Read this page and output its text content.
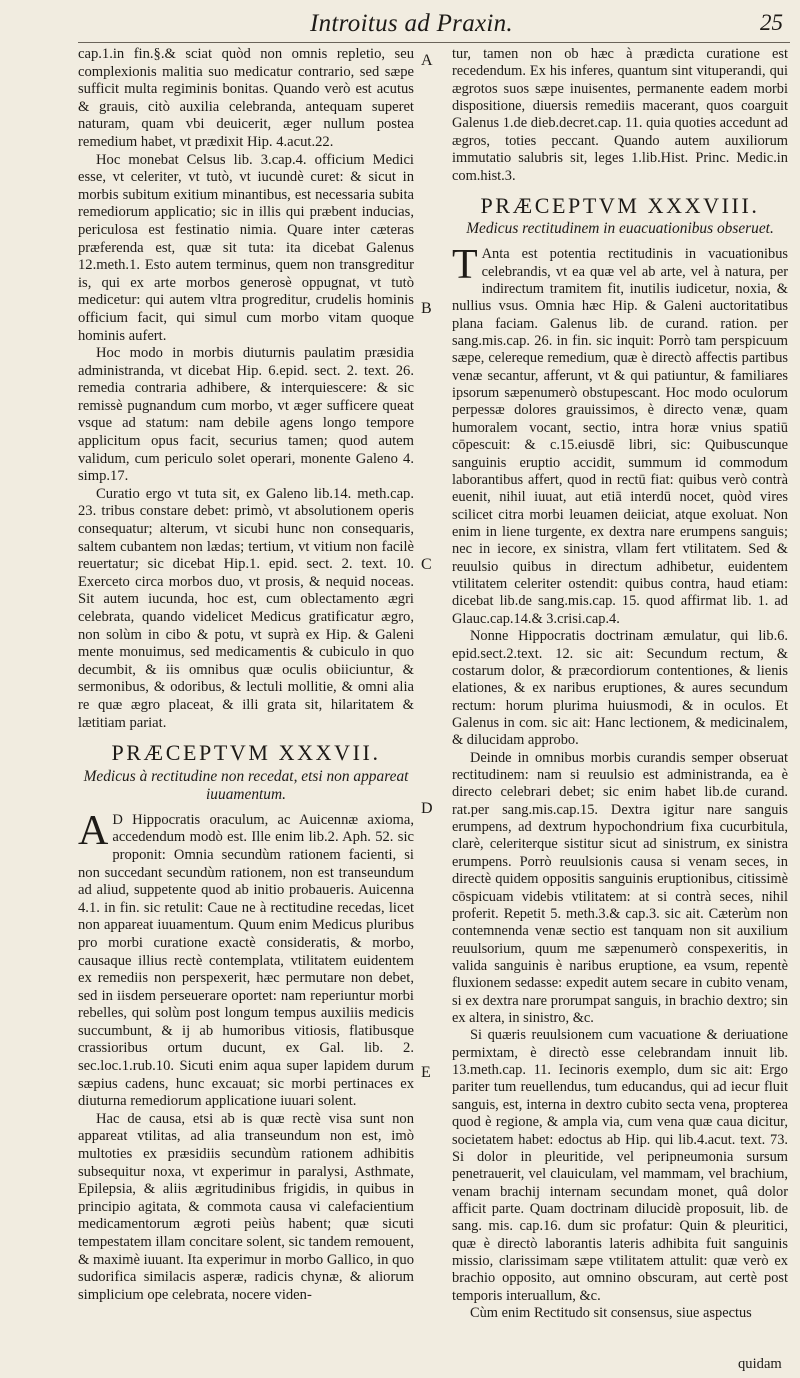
Introitus ad Praxin.	25
A
B
C
D
E

cap.1.in fin.§.& sciat quòd non omnis repletio, seu complexionis malitia suo medicatur contrario, sed sæpe sufficit multa regiminis bonitas. Quando verò est acutus & grauis, citò auxilia celebranda, antequam superet naturam, quam vbi deuicerit, æger nullum postea remedium habet, vt prædixit Hip. 4.acut.22.

Hoc monebat Celsus lib. 3.cap.4. officium Medici esse, vt celeriter, vt tutò, vt iucundè curet: & sicut in morbis subitum exitium minantibus, est necessaria subita remediorum applicatio; sic in illis qui præbent inducias, periculosa est festinatio nimia. Quare inter cæteras præferenda est, quæ sit tuta: ita dicebat Galenus 12.meth.1. Esto autem terminus, quem non transgreditur is, qui ex arte morbos generosè oppugnat, vt tutò medicetur: qui autem vltra progreditur, crudelis hominis officium facit, qui simul cum morbo vitam quoque hominis aufert.

Hoc modo in morbis diuturnis paulatim præsidia administranda, vt dicebat Hip. 6.epid. sect. 2. text. 26. remedia contraria adhibere, & interquiescere: & sic remissè pugnandum cum morbo, vt æger sufficere queat vsque ad statum: nam debile agens longo tempore applicitum opus facit, securius tamen; quod autem validum, cum periculo solet operari, monente Galeno 4. simp.17.

Curatio ergo vt tuta sit, ex Galeno lib.14. meth.cap. 23. tribus constare debet: primò, vt absolutionem operis consequatur; alterum, vt sicubi hunc non consequaris, saltem cubantem non lædas; tertium, vt vitium non facilè reuertatur; sic dicebat Hip.1. epid. sect. 2. text. 10. Exerceto circa morbos duo, vt prosis, & nequid noceas. Sit autem iucunda, hoc est, cum oblectamento ægri celebrata, quando videlicet Medicus gratificatur ægro, non solùm in cibo & potu, vt suprà ex Hip. & Galeni mente monuimus, sed medicamentis & cubiculo in quo decumbit, & iis omnibus quæ oculis obiiciuntur, & sermonibus, & odoribus, & lectuli mollitie, & omni alia re quæ ægro placeat, & illi grata sit, hilaritatem & lætitiam pariat.

PRÆCEPTVM XXXVII.
Medicus à rectitudine non recedat, etsi non appareat iuuamentum.

A D Hippocratis oraculum, ac Auicennæ axioma, accedendum modò est. Ille enim lib.2. Aph. 52. sic proponit: Omnia secundùm rationem facienti, si non succedant secundùm rationem, non est transeundum ad aliud, suppetente quod ab initio probaueris. Auicenna 4.1. in fin. sic retulit: Caue ne à rectitudine recedas, licet non appareat iuuamentum. Quum enim Medicus pluribus pro morbi curatione exactè consideratis, & morbo, causaque illius rectè contemplata, vtilitatem euidentem ex remediis non perspexerit, hæc permutare non debet, sed in iisdem perseuerare oportet: nam reperiuntur morbi rebelles, qui solùm post longum tempus auxiliis medicis succumbunt, & ij ab humoribus vitiosis, flatibusque crassioribus ortum ducunt, ex Gal. lib. 2. sec.loc.1.rub.10. Sicuti enim aqua super lapidem durum sæpius cadens, hunc excauat; sic morbi pertinaces ex diuturna remediorum applicatione iuuari solent.

Hac de causa, etsi ab is quæ rectè visa sunt non appareat vtilitas, ad alia transeundum non est, imò multoties ex præsidiis secundùm rationem adhibitis subsequitur noxa, vt experimur in paralysi, Asthmate, Epilepsia, & aliis ægritudinibus frigidis, in quibus in principio agitata, & commota causa vi calefacientium medicamentorum ægroti peiùs habent; quæ sicuti tempestatem illam concitare solent, sic tandem remouent, & maximè iuuant. Ita experimur in morbo Gallico, in quo sudorifica similacis asperæ, radicis chynæ, & aliorum simplicium ope celebrata, nocere viden-

tur, tamen non ob hæc à prædicta curatione est recedendum. Ex his inferes, quantum sint vituperandi, qui ægrotos suos sæpe inuisentes, permanente eadem morbi dispositione, diuersis remediis macerant, quos coarguit Galenus 1.de dieb.decret.cap. 11. quia quoties accedunt ad ægros, toties peccant. Quando autem auxiliorum immutatio salubris sit, leges 1.lib.Hist. Princ. Medic.in com.hist.3.

PRÆCEPTVM XXXVIII.
Medicus rectitudinem in euacuationibus obseruet.

T Anta est potentia rectitudinis in vacuationibus celebrandis, vt ea quæ vel ab arte, vel à natura, per indirectum tramitem fit, inutilis iudicetur, noxia, & nullius vsus. Omnia hæc Hip. & Galeni auctoritatibus plana faciam. Galenus lib. de curand. ration. per sang.mis.cap. 26. in fin. sic inquit: Porrò tam perspicuum sæpe, celereque remedium, quæ è directò affectis partibus venæ secantur, afferunt, vt & qui patiuntur, & familiares ipsorum sæpenumerò obstupescant. Hoc modo oculorum perpessæ dolores grauissimos, è directo venæ, quam humoralem vocant, sectio, intra horæ vnius spatiū cōpescuit: & c.15.eiusdē libri, sic: Quibuscunque sanguinis eruptio accidit, summum id commodum laborantibus affert, quod in rectū fiat: quibus verò contrà euenit, nihil iuuat, aut etiā interdū nocet, quòd vires scilicet citra morbi leuamen deiiciat, atque exoluat. Non enim in liene turgente, ex dextra nare erumpens sanguis; nec in iecore, ex sinistra, vllam fert vtilitatem. Sed & reuulsio quibus in directum adhibetur, euidentem vtilitatem celeriter ostendit: quibus contra, haud etiam: dicebat lib.de sang.mis.cap. 15. quod affirmat lib. 1. ad Glauc.cap.14.& 3.crisi.cap.4.

Nonne Hippocratis doctrinam æmulatur, qui lib.6. epid.sect.2.text. 12. sic ait: Secundum rectum, & costarum dolor, & præcordiorum contentiones, & lienis elationes, & ex naribus eruptiones, & aures secundum rectum: horum plurima huiusmodi, & in oculos. Et Galenus in com. sic ait: Hanc lectionem, & medicinalem, & dilucidam approbo.

Deinde in omnibus morbis curandis semper obseruat rectitudinem: nam si reuulsio est administranda, ea è directo celebrari debet; sic enim habet lib.de curand. rat.per sang.mis.cap.15. Dextra igitur nare sanguis erumpens, ad dextrum hypochondrium fixa cucurbitula, clarè, celeriterque sistitur sicut ad sinistrum, ex sinistra erumpens. Porrò reuulsionis causa si venam seces, in directè quidem oppositis sanguinis eruptionibus, citissimè cōspicuam videbis vtilitatem: at si contrà seces, nihil proferit. Repetit 5. meth.3.& cap.3. sic ait. Cæterùm non contemnenda venæ sectio est tanquam non sit auxilium reuulsorium, quum me sæpenumerò conspexeritis, in valida sanguinis è naribus eruptione, ea vsum, repentè fluxionem sedasse: expedit autem secare in cubito venam, si ex dextra nare prorumpat sanguis, in brachio dextro; sin ex altera, in sinistro, &c.

Si quæris reuulsionem cum vacuatione & deriuatione permixtam, è directò esse celebrandam innuit lib. 13.meth.cap. 11. Iecinoris exemplo, dum sic ait: Ergo pariter tum reuellendus, tum educandus, qui ad iecur fluit sanguis, est, interna in dextro cubito secta vena, propterea quod è regione, & ampla via, cum vena quæ caua dicitur, societatem habet: edoctus ab Hip. qui lib.4.acut. text. 73. Si dolor in pleuritide, vel peripneumonia sursum penetrauerit, vel clauiculam, vel mammam, vel brachium, venam brachij internam secundam monet, quâ dolor afficit parte. Quam doctrinam dilucidè proposuit, lib. de sang. mis. cap.16. dum sic profatur: Quin & pleuritici, quæ è directò laborantis lateris adhibita fuit sanguinis missio, clarissimam sæpe vtilitatem attulit: quæ verò ex brachio opposito, aut omnino obscuram, aut certè post temporis interuallum, &c.

Cùm enim Rectitudo sit consensus, siue aspectus

quidam
